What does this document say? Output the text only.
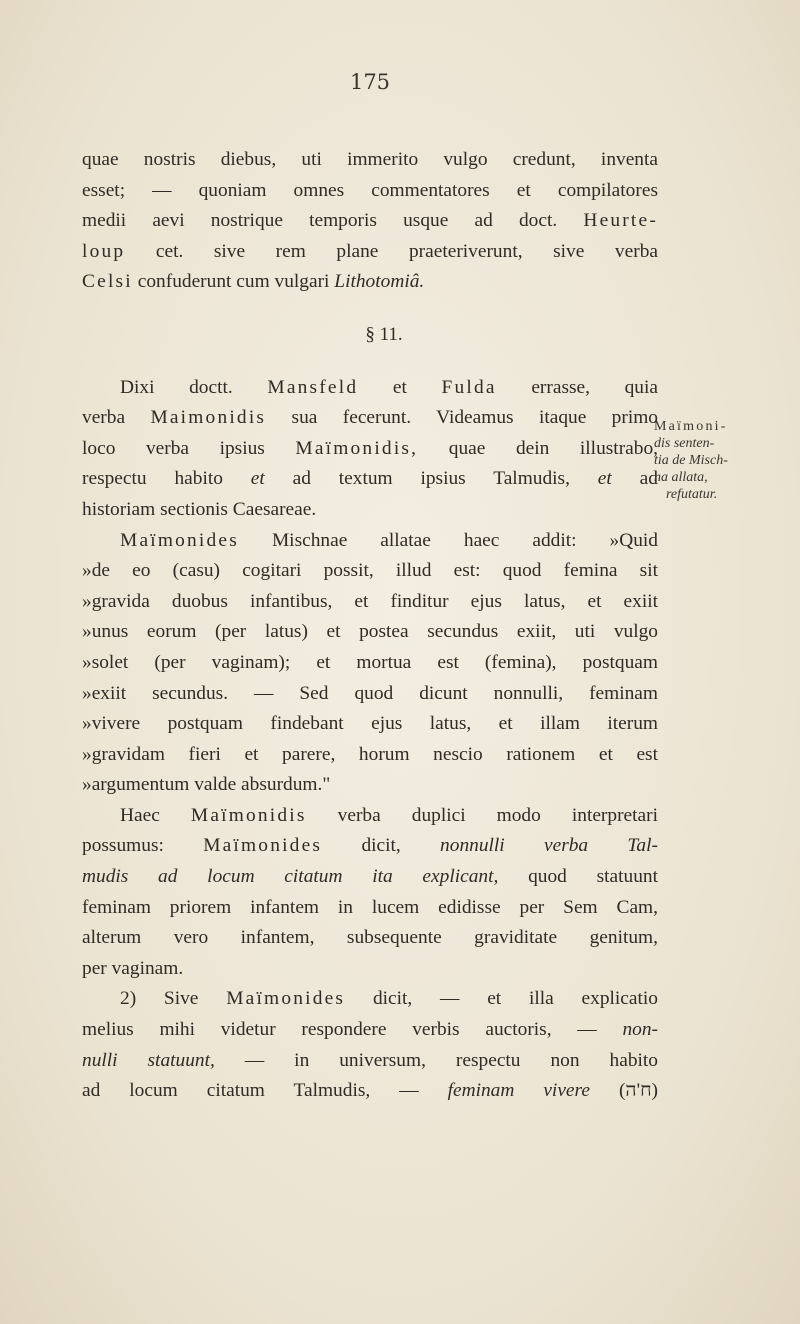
175
quae nostris diebus, uti immerito vulgo credunt, inventa
esset; — quoniam omnes commentatores et compilatores
medii aevi nostrique temporis usque ad doct. Heurte-
loup cet. sive rem plane praeteriverunt, sive verba
Celsi confuderunt cum vulgari Lithotomiâ.
§ 11.
Dixi doctt. Mansfeld et Fulda errasse, quia
verba Maimonidis sua fecerunt. Videamus itaque primo
loco verba ipsius Maïmonidis, quae dein illustrabo,
respectu habito et ad textum ipsius Talmudis, et ad
historiam sectionis Caesareae.
Maïmonides Mischnae allatae haec addit: »Quid
»de eo (casu) cogitari possit, illud est: quod femina sit
»gravida duobus infantibus, et finditur ejus latus, et exiit
»unus eorum (per latus) et postea secundus exiit, uti vulgo
»solet (per vaginam); et mortua est (femina), postquam
»exiit secundus. — Sed quod dicunt nonnulli, feminam
»vivere postquam findebant ejus latus, et illam iterum
»gravidam fieri et parere, horum nescio rationem et est
»argumentum valde absurdum."
Haec Maïmonidis verba duplici modo interpretari
possumus: Maïmonides dicit, nonnulli verba Tal-
mudis ad locum citatum ita explicant, quod statuunt
feminam priorem infantem in lucem edidisse per Sem Cam,
alterum vero infantem, subsequente graviditate genitum,
per vaginam.
2) Sive Maïmonides dicit, — et illa explicatio
melius mihi videtur respondere verbis auctoris, — non-
nulli statuunt, — in universum, respectu non habito
ad locum citatum Talmudis, — feminam vivere (ח'ה)
Maïmoni-
dis senten-
tia de Misch-
na allata,
refutatur.
